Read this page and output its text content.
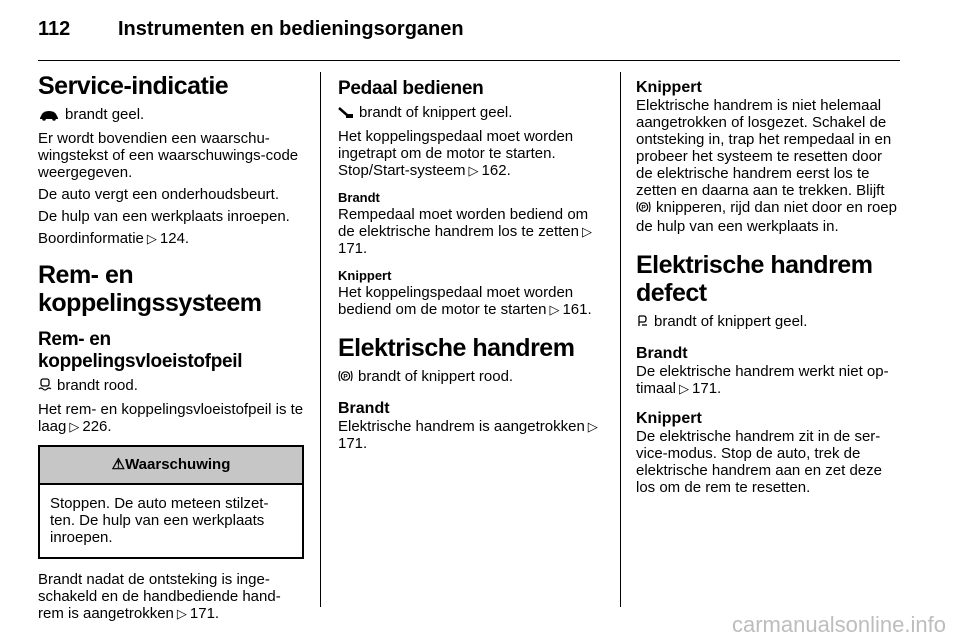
112 Instrumenten en bedieningsorganen
Service-indicatie

brandt geel.

Er wordt bovendien een waarschu-wingstekst of een waarschuwings-code weergegeven.

De auto vergt een onderhoudsbeurt.

De hulp van een werkplaats inroepen.

Boordinformatie ▷ 124.

Rem- en koppelingssysteem
Rem- en koppelingsvloeistofpeil

brandt rood.

Het rem- en koppelingsvloeistofpeil is te laag ▷ 226.

⚠Waarschuwing

Stoppen. De auto meteen stilzet-ten. De hulp van een werkplaats inroepen.

Brandt nadat de ontsteking is inge-schakeld en de handbediende hand-rem is aangetrokken ▷ 171.

Pedaal bedienen

brandt of knippert geel.

Het koppelingspedaal moet worden ingetrapt om de motor te starten. Stop/Start-systeem ▷ 162.

Brandt

Rempedaal moet worden bediend om de elektrische handrem los te zetten ▷171.

Knippert

Het koppelingspedaal moet worden bediend om de motor te starten ▷ 161.

Elektrische handrem

P brandt of knippert rood.

Brandt

Elektrische handrem is aangetrokken ▷171.

Knippert

Elektrische handrem is niet helemaal aangetrokken of losgezet. Schakel de ontsteking in, trap het rempedaal in en probeer het systeem te resetten door de elektrische handrem eerst los te zetten en daarna aan te trekken. Blijft
P knipperen, rijd dan niet door en roep de hulp van een werkplaats in.

Elektrische handrem defect

brandt of knippert geel.

Brandt

De elektrische handrem werkt niet op-timaal ▷ 171.

Knippert

De elektrische handrem zit in de ser-vice-modus. Stop de auto, trek de elektrische handrem aan en zet deze los om de rem te resetten.

carmanualsonline.info
